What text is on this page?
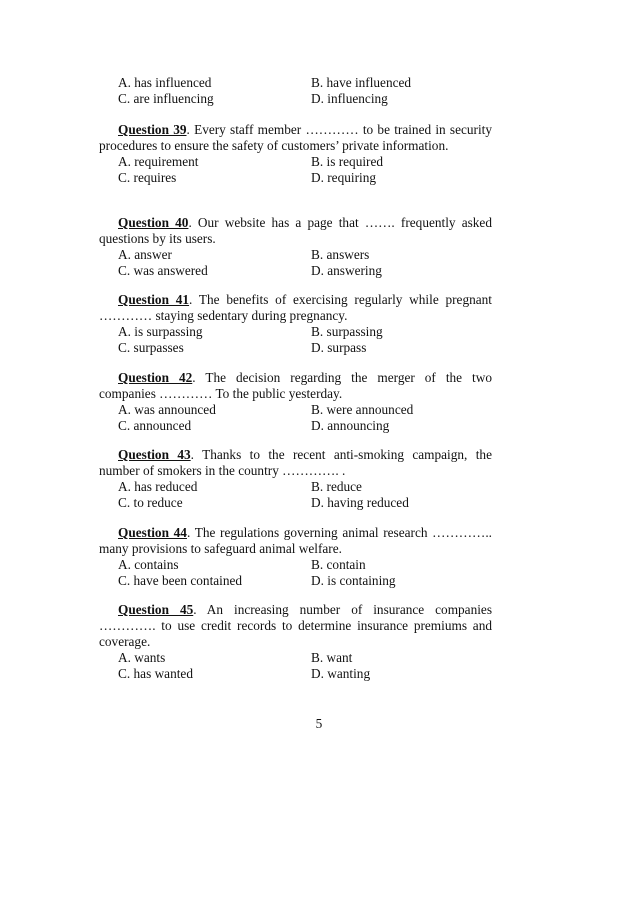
A. has influenced	B. have influenced
C. are influencing	D. influencing

Question 39. Every staff member ………… to be trained in security procedures to ensure the safety of customers’ private information.

A. requirement	B. is required
C. requires	D. requiring

Question 40. Our website has a page that ……. frequently asked questions by its users.

A. answer	B. answers
C. was answered	D. answering

Question 41. The benefits of exercising regularly while pregnant ………… staying sedentary during pregnancy.

A. is surpassing	B. surpassing
C. surpasses	D. surpass

Question 42. The decision regarding the merger of the two companies ………… To the public yesterday.

A. was announced	B. were announced
C. announced	D. announcing

Question 43. Thanks to the recent anti-smoking campaign, the number of smokers in the country …………. .

A. has reduced	B. reduce
C. to reduce	D. having reduced

Question 44. The regulations governing animal research ………….. many provisions to safeguard animal welfare.

A. contains	B. contain
C. have been contained	D. is containing

Question 45. An increasing number of insurance companies …………. to use credit records to determine insurance premiums and coverage.

A. wants	B. want
C. has wanted	D. wanting
5
